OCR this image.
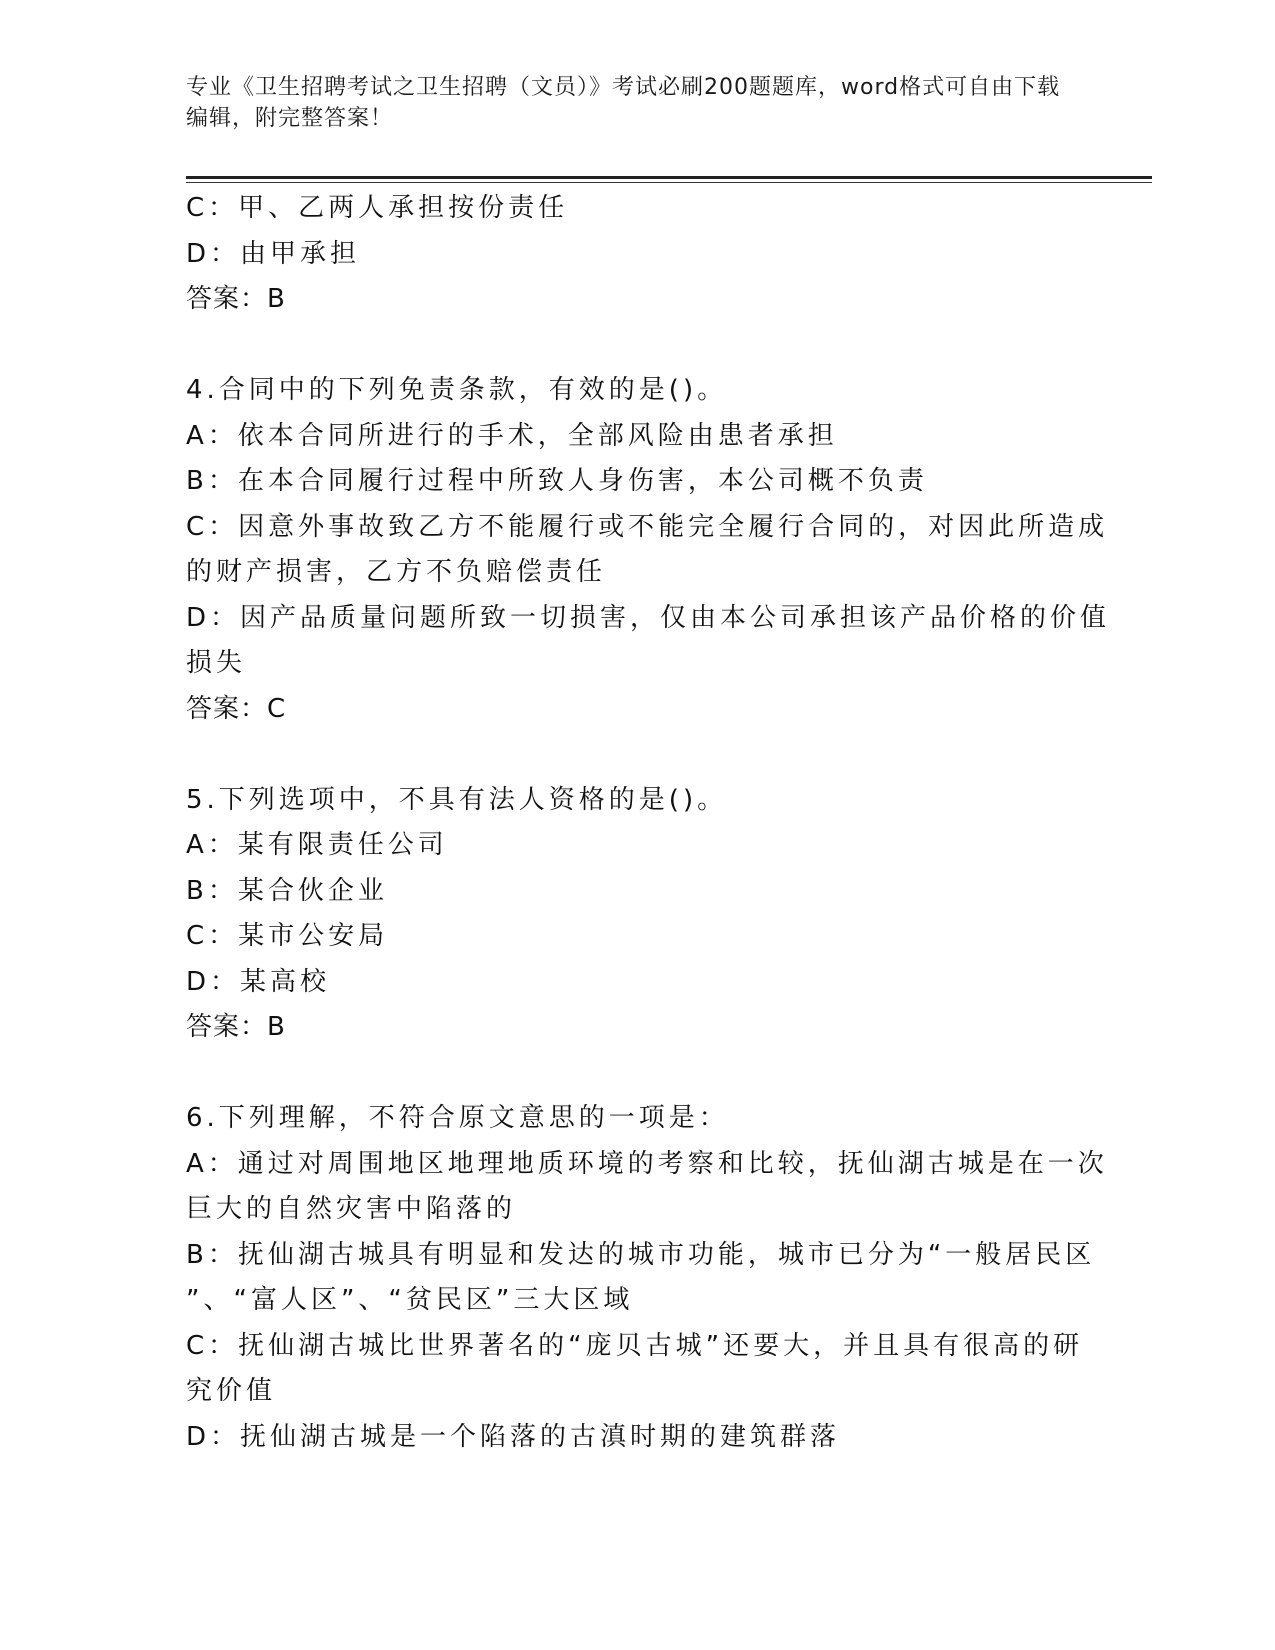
专业《卫生招聘考试之卫生招聘（文员）》考试必刷200题题库，word格式可自由下载编辑，附完整答案！
C：甲、乙两人承担按份责任
D：由甲承担
答案：B
4.合同中的下列免责条款，有效的是()。
A：依本合同所进行的手术，全部风险由患者承担
B：在本合同履行过程中所致人身伤害，本公司概不负责
C：因意外事故致乙方不能履行或不能完全履行合同的，对因此所造成
的财产损害，乙方不负赔偿责任
D：因产品质量问题所致一切损害，仅由本公司承担该产品价格的价值
损失
答案：C
5.下列选项中，不具有法人资格的是()。
A：某有限责任公司
B：某合伙企业
C：某市公安局
D：某高校
答案：B
6.下列理解，不符合原文意思的一项是：
A：通过对周围地区地理地质环境的考察和比较，抚仙湖古城是在一次
巨大的自然灾害中陷落的
B：抚仙湖古城具有明显和发达的城市功能，城市已分为“一般居民区
”、“富人区”、“贫民区”三大区域
C：抚仙湖古城比世界著名的“庞贝古城”还要大，并且具有很高的研
究价值
D：抚仙湖古城是一个陷落的古滇时期的建筑群落
